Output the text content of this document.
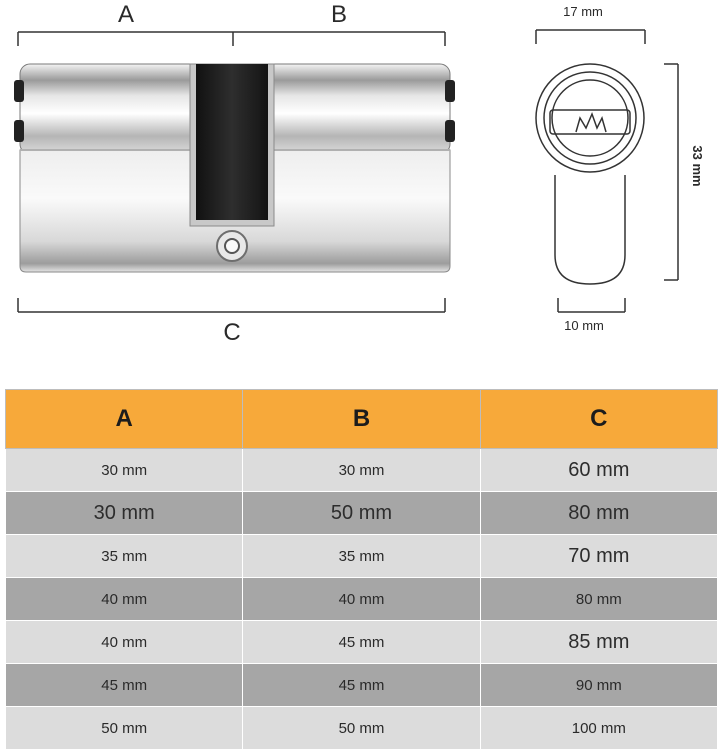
A	B
C
17 mm
33 mm
10 mm
A	B	C
30 mm	30 mm	60 mm
30 mm	50 mm	80 mm
35 mm	35 mm	70 mm
40 mm	40 mm	80 mm
40 mm	45 mm	85 mm
45 mm	45 mm	90 mm
50 mm	50 mm	100 mm
